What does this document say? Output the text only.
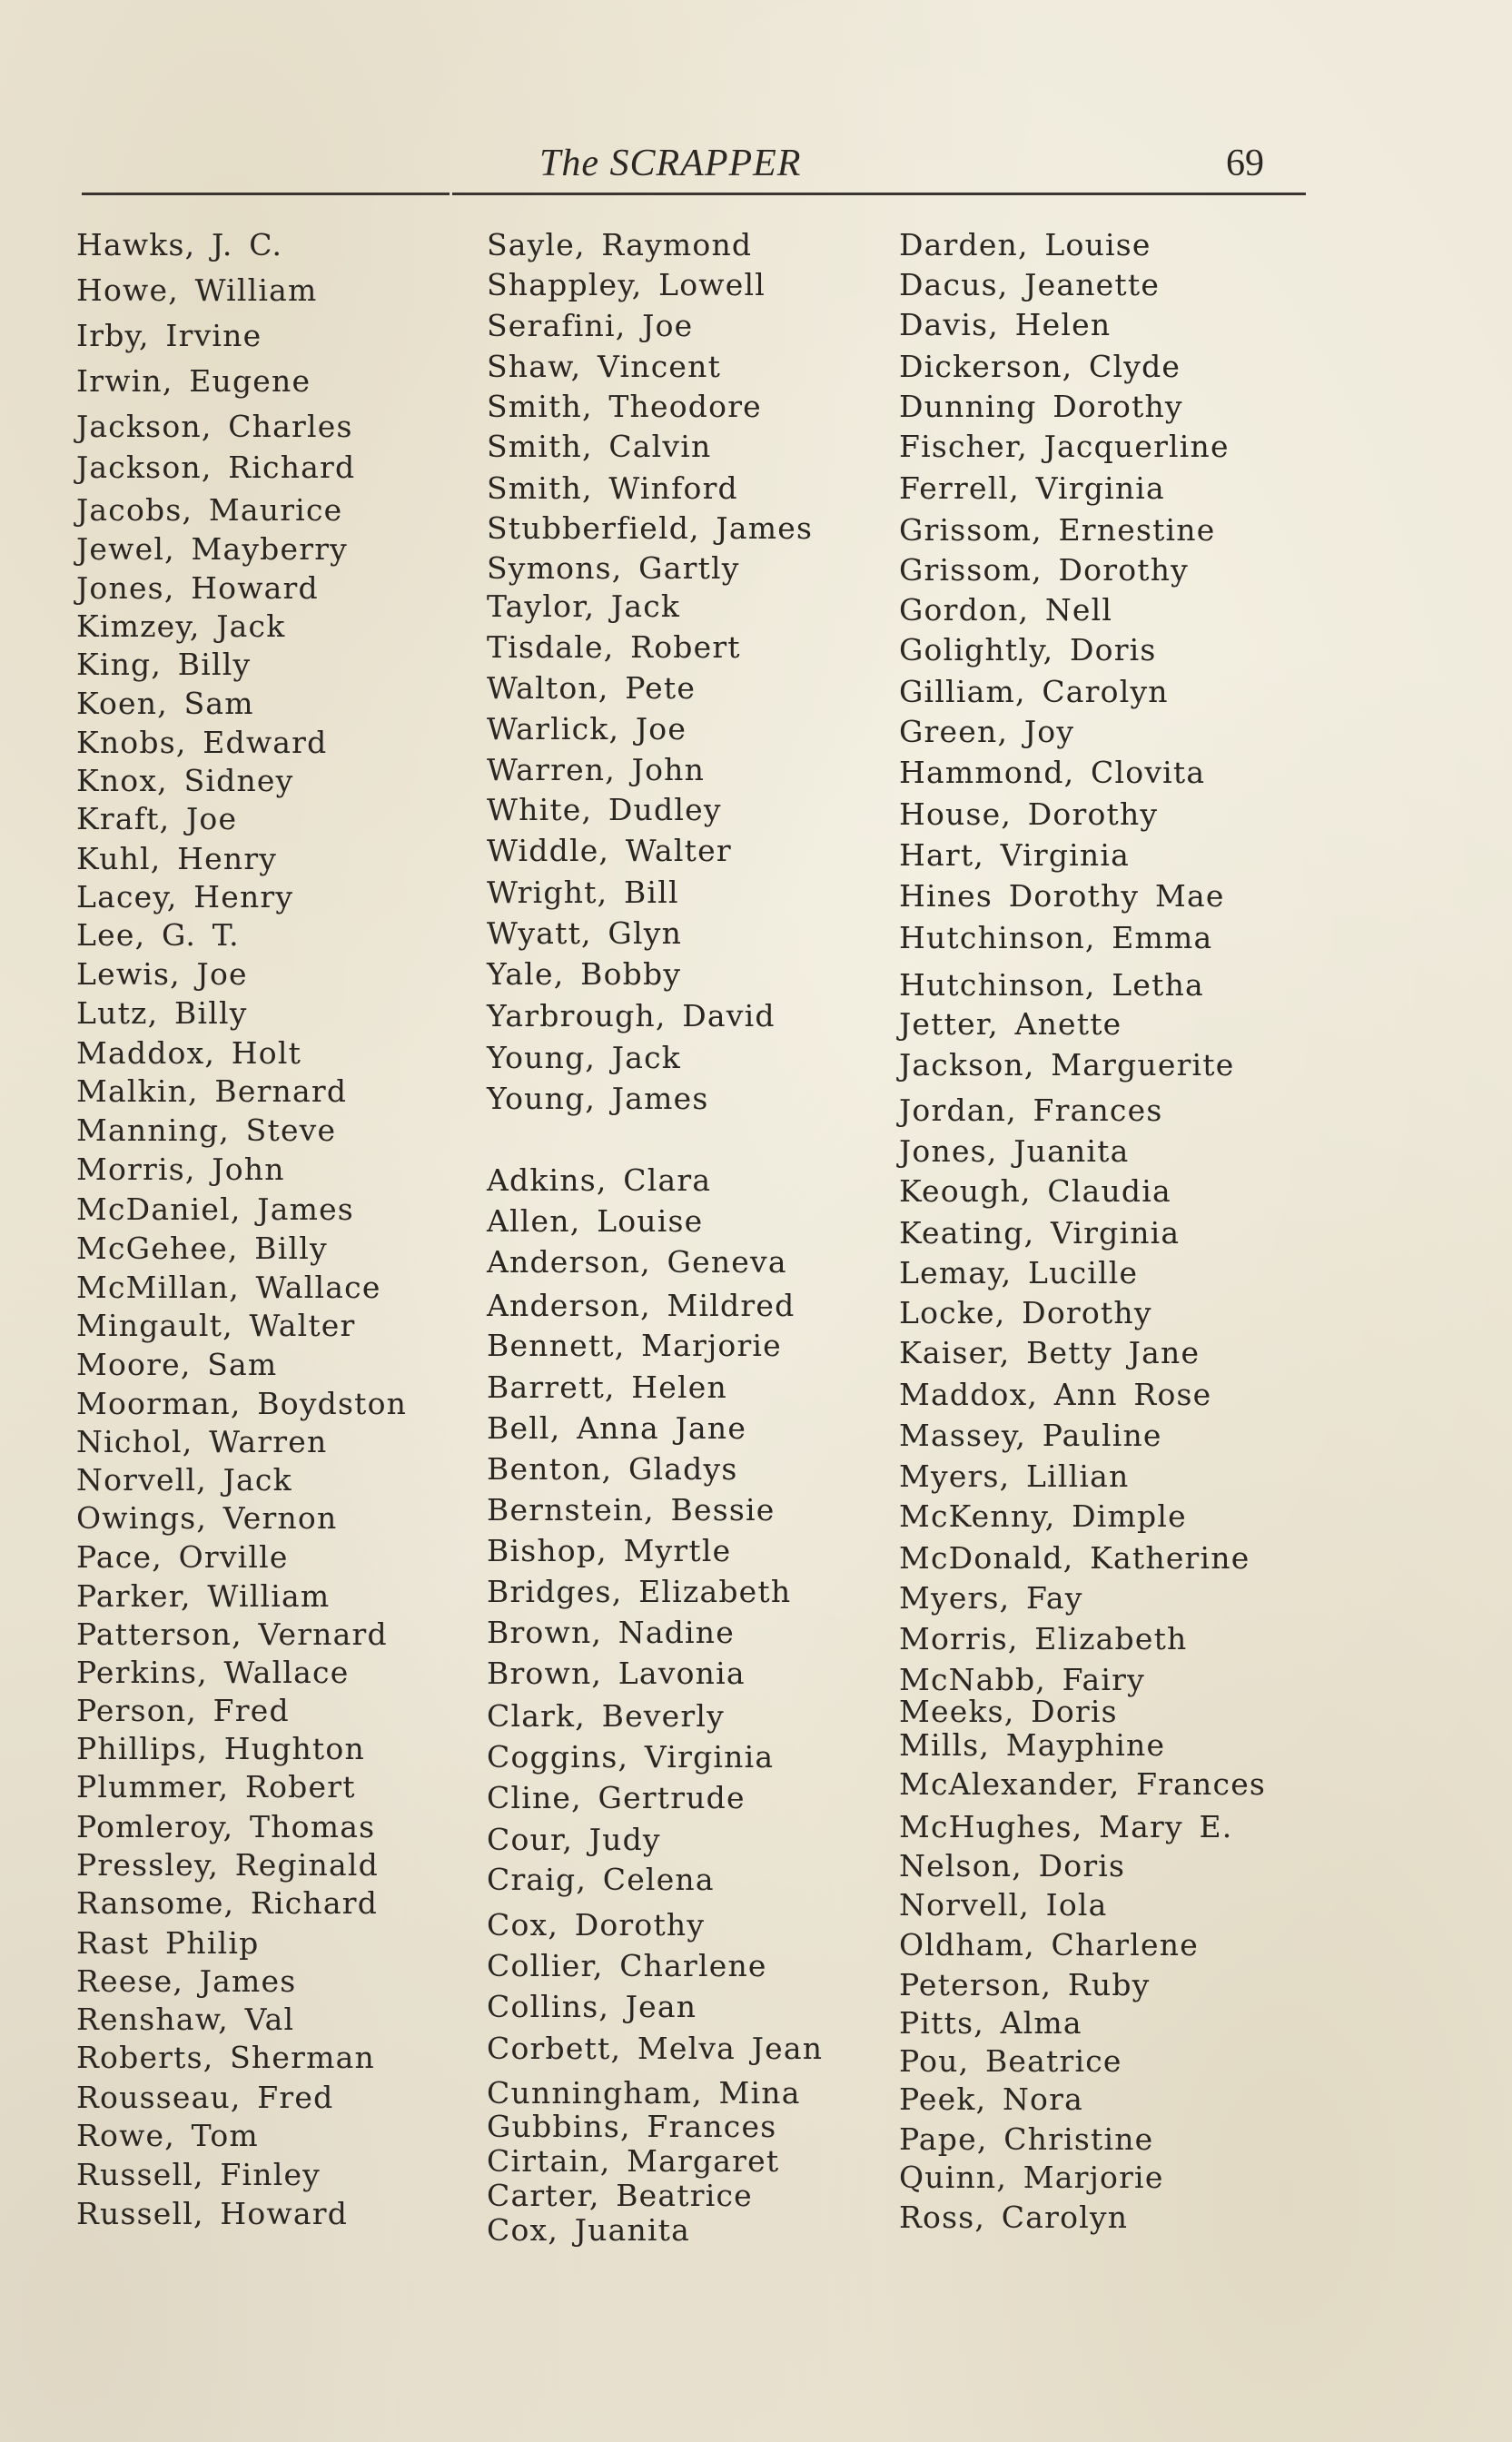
The SCRAPPER	69
Hawks, J. C.
Howe, William
Irby, Irvine
Irwin, Eugene
Jackson, Charles
Jackson, Richard
Jacobs, Maurice
Jewel, Mayberry
Jones, Howard
Kimzey, Jack
King, Billy
Koen, Sam
Knobs, Edward
Knox, Sidney
Kraft, Joe
Kuhl, Henry
Lacey, Henry
Lee, G. T.
Lewis, Joe
Lutz, Billy
Maddox, Holt
Malkin, Bernard
Manning, Steve
Morris, John
McDaniel, James
McGehee, Billy
McMillan, Wallace
Mingault, Walter
Moore, Sam
Moorman, Boydston
Nichol, Warren
Norvell, Jack
Owings, Vernon
Pace, Orville
Parker, William
Patterson, Vernard
Perkins, Wallace
Person, Fred
Phillips, Hughton
Plummer, Robert
Pomleroy, Thomas
Pressley, Reginald
Ransome, Richard
Rast Philip
Reese, James
Renshaw, Val
Roberts, Sherman
Rousseau, Fred
Rowe, Tom
Russell, Finley
Russell, Howard
Sayle, Raymond
Shappley, Lowell
Serafini, Joe
Shaw, Vincent
Smith, Theodore
Smith, Calvin
Smith, Winford
Stubberfield, James
Symons, Gartly
Taylor, Jack
Tisdale, Robert
Walton, Pete
Warlick, Joe
Warren, John
White, Dudley
Widdle, Walter
Wright, Bill
Wyatt, Glyn
Yale, Bobby
Yarbrough, David
Young, Jack
Young, James
Adkins, Clara
Allen, Louise
Anderson, Geneva
Anderson, Mildred
Bennett, Marjorie
Barrett, Helen
Bell, Anna Jane
Benton, Gladys
Bernstein, Bessie
Bishop, Myrtle
Bridges, Elizabeth
Brown, Nadine
Brown, Lavonia
Clark, Beverly
Coggins, Virginia
Cline, Gertrude
Cour, Judy
Craig, Celena
Cox, Dorothy
Collier, Charlene
Collins, Jean
Corbett, Melva Jean
Cunningham, Mina
Gubbins, Frances
Cirtain, Margaret
Carter, Beatrice
Cox, Juanita
Darden, Louise
Dacus, Jeanette
Davis, Helen
Dickerson, Clyde
Dunning Dorothy
Fischer, Jacquerline
Ferrell, Virginia
Grissom, Ernestine
Grissom, Dorothy
Gordon, Nell
Golightly, Doris
Gilliam, Carolyn
Green, Joy
Hammond, Clovita
House, Dorothy
Hart, Virginia
Hines Dorothy Mae
Hutchinson, Emma
Hutchinson, Letha
Jetter, Anette
Jackson, Marguerite
Jordan, Frances
Jones, Juanita
Keough, Claudia
Keating, Virginia
Lemay, Lucille
Locke, Dorothy
Kaiser, Betty Jane
Maddox, Ann Rose
Massey, Pauline
Myers, Lillian
McKenny, Dimple
McDonald, Katherine
Myers, Fay
Morris, Elizabeth
McNabb, Fairy
Meeks, Doris
Mills, Mayphine
McAlexander, Frances
McHughes, Mary E.
Nelson, Doris
Norvell, Iola
Oldham, Charlene
Peterson, Ruby
Pitts, Alma
Pou, Beatrice
Peek, Nora
Pape, Christine
Quinn, Marjorie
Ross, Carolyn
